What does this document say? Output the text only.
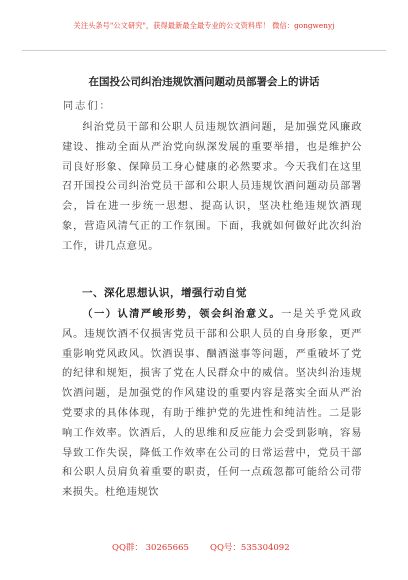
关注头条号"公文研究"，获得最新最全最专业的公文资料库！ 微信：gongwenyj
在国投公司纠治违规饮酒问题动员部署会上的讲话
同志们：
纠治党员干部和公职人员违规饮酒问题，是加强党风廉政建设、推动全面从严治党向纵深发展的重要举措，也是维护公司良好形象、保障员工身心健康的必然要求。今天我们在这里召开国投公司纠治党员干部和公职人员违规饮酒问题动员部署会，旨在进一步统一思想、提高认识，坚决杜绝违规饮酒现象，营造风清气正的工作氛围。下面，我就如何做好此次纠治工作，讲几点意见。
一、深化思想认识，增强行动自觉
（一）认清严峻形势，领会纠治意义。一是关乎党风政风。违规饮酒不仅损害党员干部和公职人员的自身形象，更严重影响党风政风。饮酒误事、酗酒滋事等问题，严重破坏了党的纪律和规矩，损害了党在人民群众中的威信。坚决纠治违规饮酒问题，是加强党的作风建设的重要内容是落实全面从严治党要求的具体体现，有助于维护党的先进性和纯洁性。二是影响工作效率。饮酒后，人的思维和反应能力会受到影响，容易导致工作失误，降低工作效率在公司的日常运营中，党员干部和公职人员肩负着重要的职责，任何一点疏忽都可能给公司带来损失。杜绝违规饮
QQ群： 30265665 QQ号：535304092
